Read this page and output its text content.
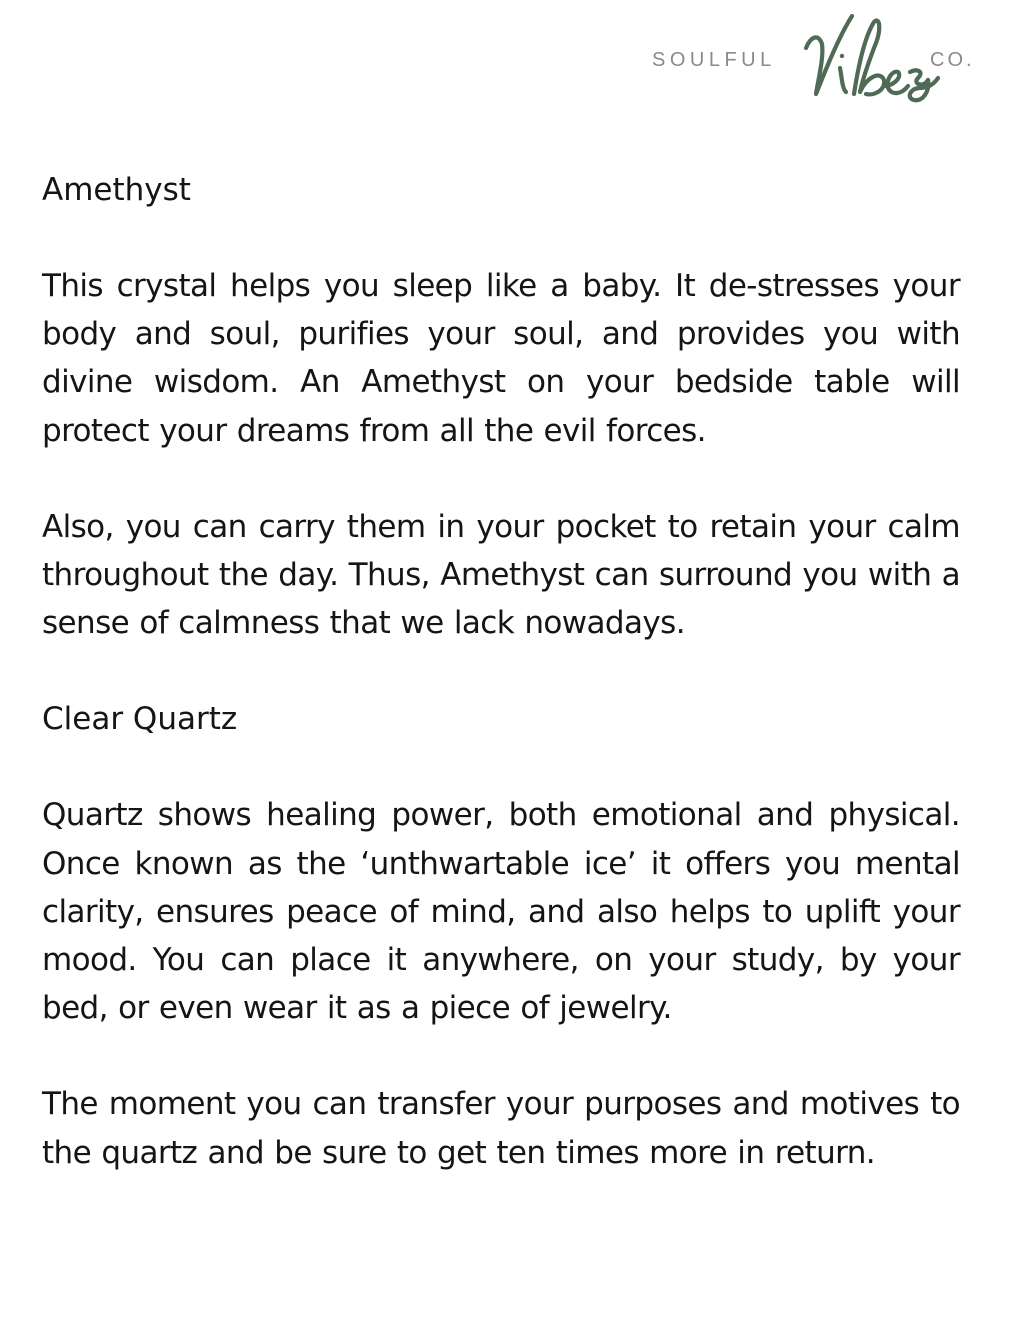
SOULFUL	CO.
Amethyst

This crystal helps you sleep like a baby. It de-stresses your body and soul, purifies your soul, and provides you with divine wisdom. An Amethyst on your bedside table will protect your dreams from all the evil forces.

Also, you can carry them in your pocket to retain your calm throughout the day. Thus, Amethyst can surround you with a sense of calmness that we lack nowadays.

Clear Quartz

Quartz shows healing power, both emotional and physical. Once known as the ‘unthwartable ice’ it offers you mental clarity, ensures peace of mind, and also helps to uplift your mood. You can place it anywhere, on your study, by your bed, or even wear it as a piece of jewelry.

The moment you can transfer your purposes and motives to the quartz and be sure to get ten times more in return.
